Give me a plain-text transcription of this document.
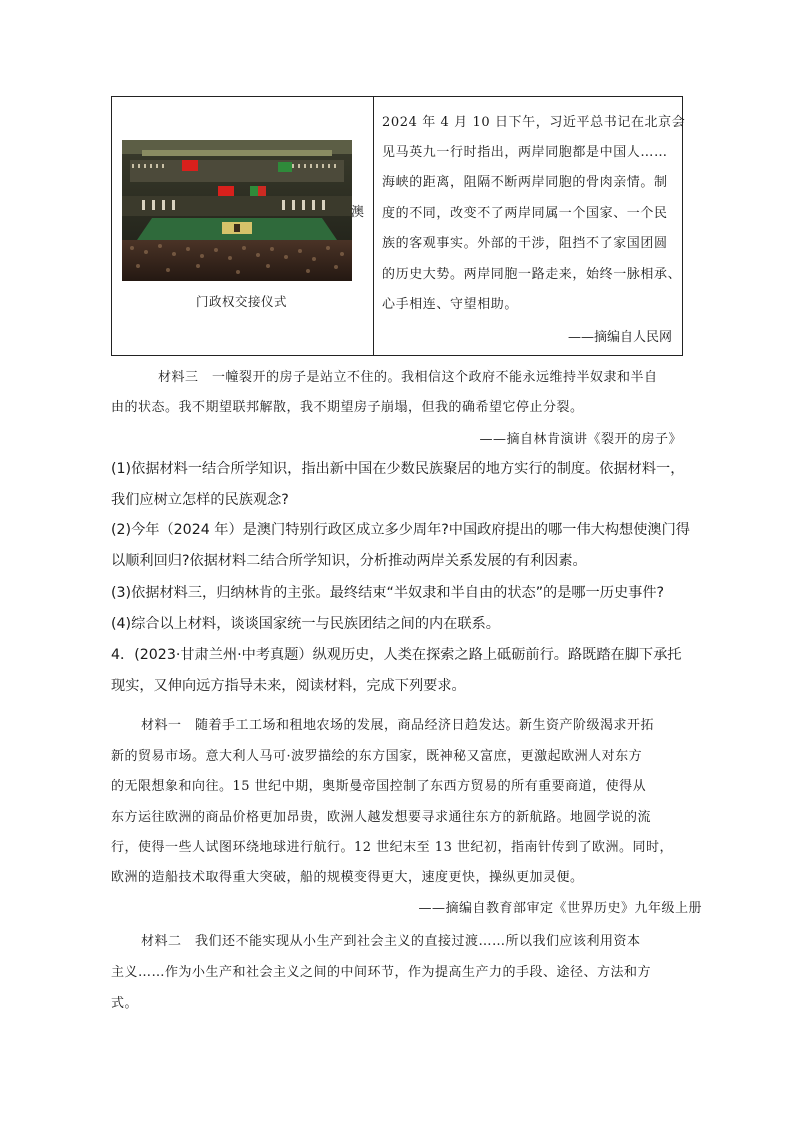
澳
门政权交接仪式
2024 年 4 月 10 日下午，习近平总书记在北京会
见马英九一行时指出，两岸同胞都是中国人……
海峡的距离，阻隔不断两岸同胞的骨肉亲情。制
度的不同，改变不了两岸同属一个国家、一个民
族的客观事实。外部的干涉，阻挡不了家国团圆
的历史大势。两岸同胞一路走来，始终一脉相承、
心手相连、守望相助。
——摘编自人民网
材料三　一幢裂开的房子是站立不住的。我相信这个政府不能永远维持半奴隶和半自
由的状态。我不期望联邦解散，我不期望房子崩塌，但我的确希望它停止分裂。
——摘自林肯演讲《裂开的房子》
(1)依据材料一结合所学知识，指出新中国在少数民族聚居的地方实行的制度。依据材料一，
我们应树立怎样的民族观念?
(2)今年（2024 年）是澳门特别行政区成立多少周年?中国政府提出的哪一伟大构想使澳门得
以顺利回归?依据材料二结合所学知识，分析推动两岸关系发展的有利因素。
(3)依据材料三，归纳林肯的主张。最终结束“半奴隶和半自由的状态”的是哪一历史事件?
(4)综合以上材料，谈谈国家统一与民族团结之间的内在联系。
4．(2023·甘肃兰州·中考真题）纵观历史，人类在探索之路上砥砺前行。路既踏在脚下承托
现实，又伸向远方指导未来，阅读材料，完成下列要求。
材料一　随着手工工场和租地农场的发展，商品经济日趋发达。新生资产阶级渴求开拓
新的贸易市场。意大利人马可·波罗描绘的东方国家，既神秘又富庶，更激起欧洲人对东方
的无限想象和向往。15 世纪中期，奥斯曼帝国控制了东西方贸易的所有重要商道，使得从
东方运往欧洲的商品价格更加昂贵，欧洲人越发想要寻求通往东方的新航路。地圆学说的流
行，使得一些人试图环绕地球进行航行。12 世纪末至 13 世纪初，指南针传到了欧洲。同时，
欧洲的造船技术取得重大突破，船的规模变得更大，速度更快，操纵更加灵便。
——摘编自教育部审定《世界历史》九年级上册
材料二　我们还不能实现从小生产到社会主义的直接过渡……所以我们应该利用资本
主义……作为小生产和社会主义之间的中间环节，作为提高生产力的手段、途径、方法和方
式。
